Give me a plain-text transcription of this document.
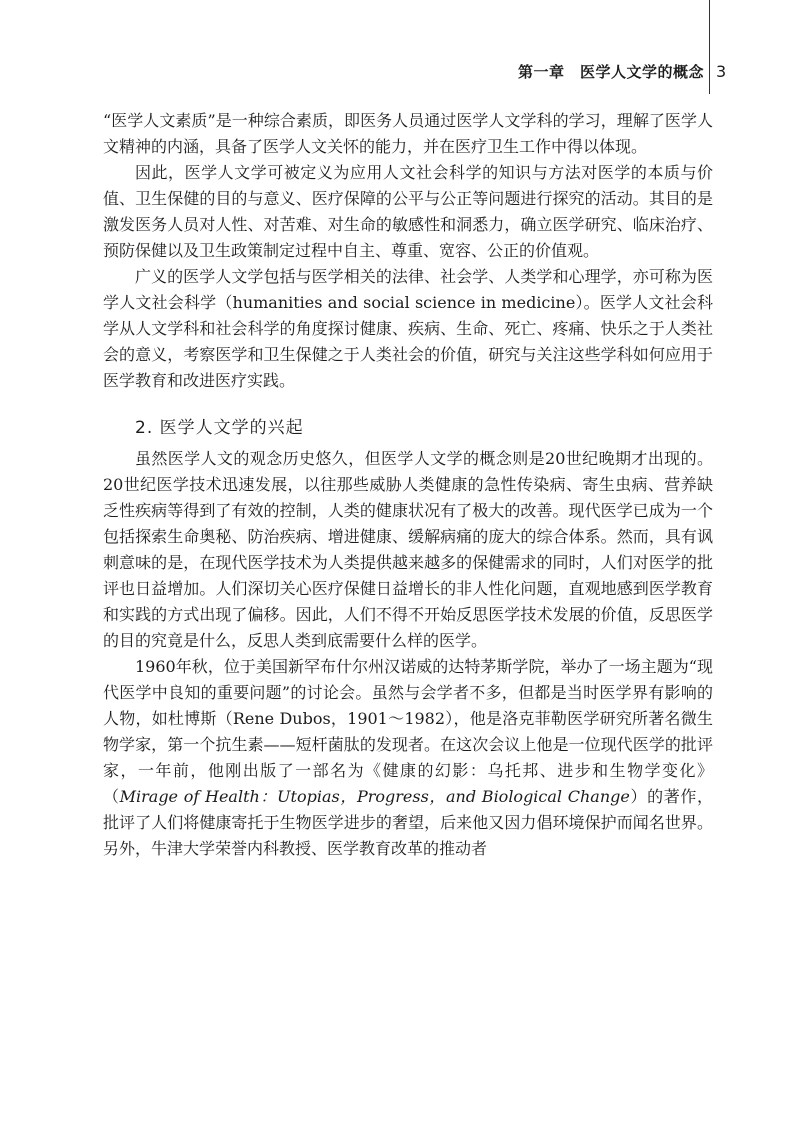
第一章　医学人文学的概念 3

“医学人文素质”是一种综合素质，即医务人员通过医学人文学科的学习，理解了医学人文精神的内涵，具备了医学人文关怀的能力，并在医疗卫生工作中得以体现。

因此，医学人文学可被定义为应用人文社会科学的知识与方法对医学的本质与价值、卫生保健的目的与意义、医疗保障的公平与公正等问题进行探究的活动。其目的是激发医务人员对人性、对苦难、对生命的敏感性和洞悉力，确立医学研究、临床治疗、预防保健以及卫生政策制定过程中自主、尊重、宽容、公正的价值观。

广义的医学人文学包括与医学相关的法律、社会学、人类学和心理学，亦可称为医学人文社会科学（humanities and social science in medicine）。医学人文社会科学从人文学科和社会科学的角度探讨健康、疾病、生命、死亡、疼痛、快乐之于人类社会的意义，考察医学和卫生保健之于人类社会的价值，研究与关注这些学科如何应用于医学教育和改进医疗实践。

2. 医学人文学的兴起

虽然医学人文的观念历史悠久，但医学人文学的概念则是20世纪晚期才出现的。20世纪医学技术迅速发展，以往那些威胁人类健康的急性传染病、寄生虫病、营养缺乏性疾病等得到了有效的控制，人类的健康状况有了极大的改善。现代医学已成为一个包括探索生命奥秘、防治疾病、增进健康、缓解病痛的庞大的综合体系。然而，具有讽刺意味的是，在现代医学技术为人类提供越来越多的保健需求的同时，人们对医学的批评也日益增加。人们深切关心医疗保健日益增长的非人性化问题，直观地感到医学教育和实践的方式出现了偏移。因此，人们不得不开始反思医学技术发展的价值，反思医学的目的究竟是什么，反思人类到底需要什么样的医学。

1960年秋，位于美国新罕布什尔州汉诺威的达特茅斯学院，举办了一场主题为“现代医学中良知的重要问题”的讨论会。虽然与会学者不多，但都是当时医学界有影响的人物，如杜博斯（Rene Dubos，1901～1982），他是洛克菲勒医学研究所著名微生物学家，第一个抗生素——短杆菌肽的发现者。在这次会议上他是一位现代医学的批评家，一年前，他刚出版了一部名为《健康的幻影：乌托邦、进步和生物学变化》（Mirage of Health：Utopias，Progress，and Biological Change）的著作，批评了人们将健康寄托于生物医学进步的奢望，后来他又因力倡环境保护而闻名世界。另外，牛津大学荣誉内科教授、医学教育改革的推动者
